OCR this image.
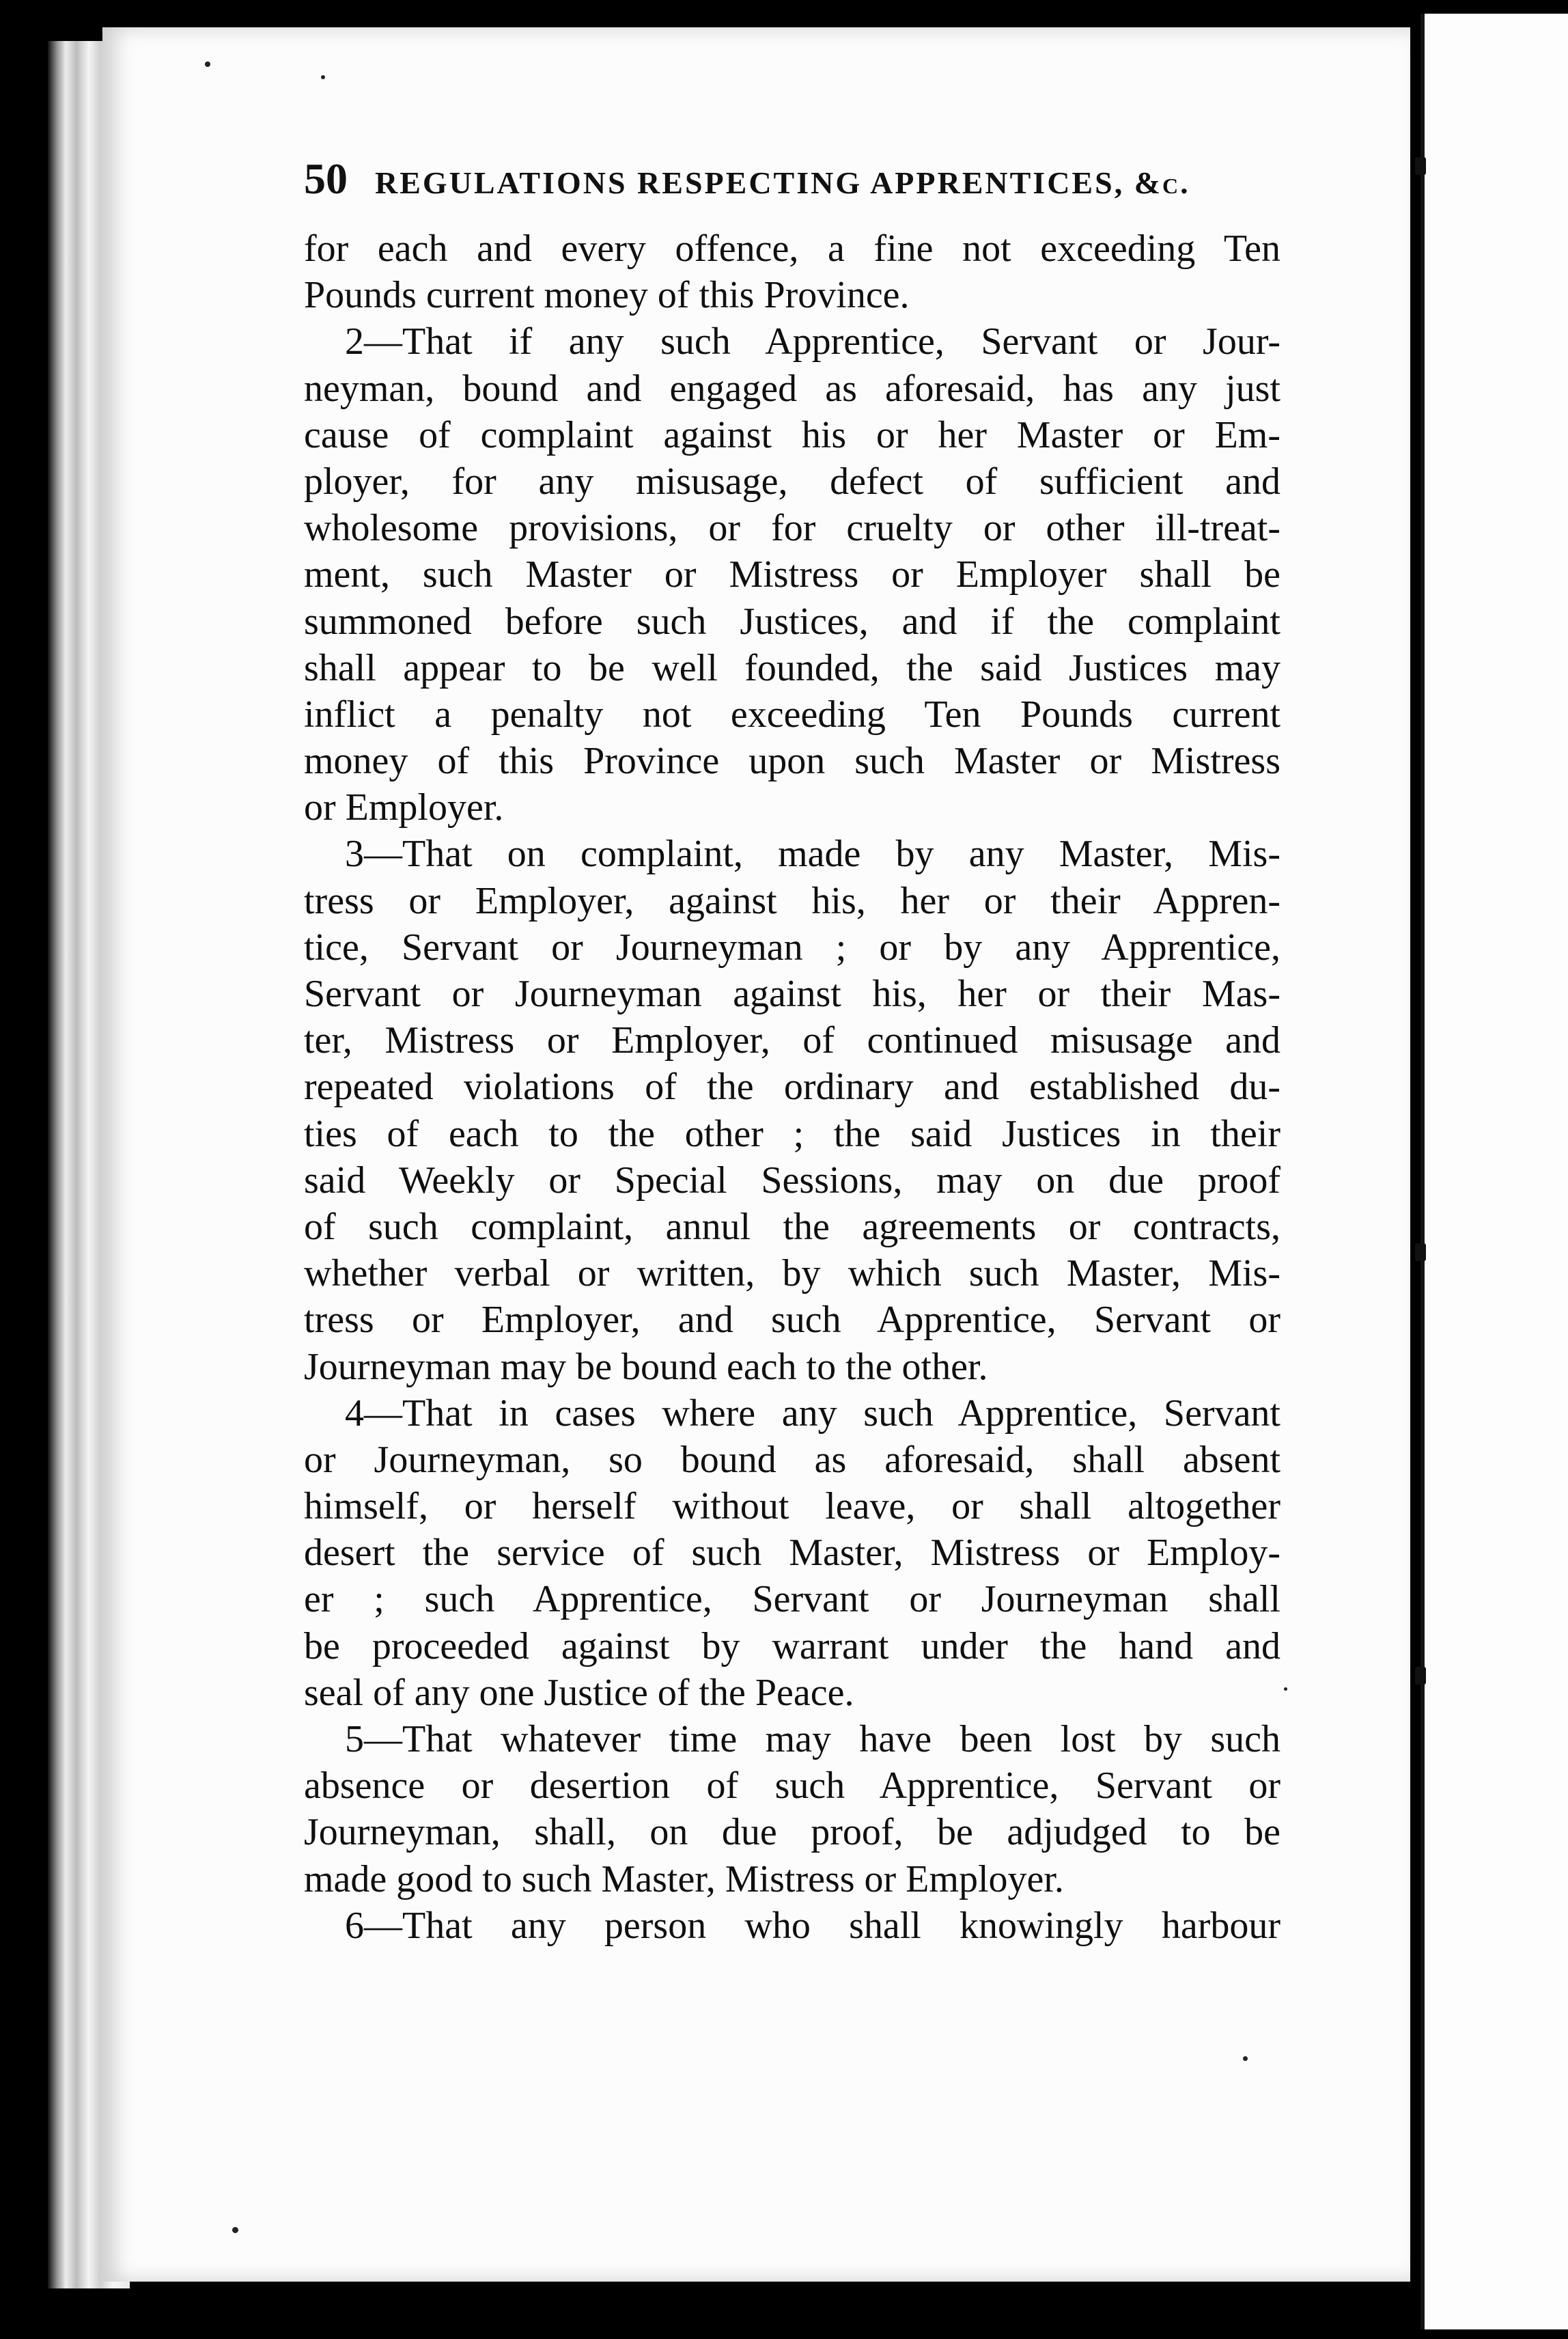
50 REGULATIONS RESPECTING APPRENTICES, &c.
for each and every offence, a fine not exceeding Ten
Pounds current money of this Province.
2—That if any such Apprentice, Servant or Jour-
neyman, bound and engaged as aforesaid, has any just
cause of complaint against his or her Master or Em-
ployer, for any misusage, defect of sufficient and
wholesome provisions, or for cruelty or other ill-treat-
ment, such Master or Mistress or Employer shall be
summoned before such Justices, and if the complaint
shall appear to be well founded, the said Justices may
inflict a penalty not exceeding Ten Pounds current
money of this Province upon such Master or Mistress
or Employer.
3—That on complaint, made by any Master, Mis-
tress or Employer, against his, her or their Appren-
tice, Servant or Journeyman ; or by any Apprentice,
Servant or Journeyman against his, her or their Mas-
ter, Mistress or Employer, of continued misusage and
repeated violations of the ordinary and established du-
ties of each to the other ; the said Justices in their
said Weekly or Special Sessions, may on due proof
of such complaint, annul the agreements or contracts,
whether verbal or written, by which such Master, Mis-
tress or Employer, and such Apprentice, Servant or
Journeyman may be bound each to the other.
4—That in cases where any such Apprentice, Servant
or Journeyman, so bound as aforesaid, shall absent
himself, or herself without leave, or shall altogether
desert the service of such Master, Mistress or Employ-
er ; such Apprentice, Servant or Journeyman shall
be proceeded against by warrant under the hand and
seal of any one Justice of the Peace.
5—That whatever time may have been lost by such
absence or desertion of such Apprentice, Servant or
Journeyman, shall, on due proof, be adjudged to be
made good to such Master, Mistress or Employer.
6—That any person who shall knowingly harbour
